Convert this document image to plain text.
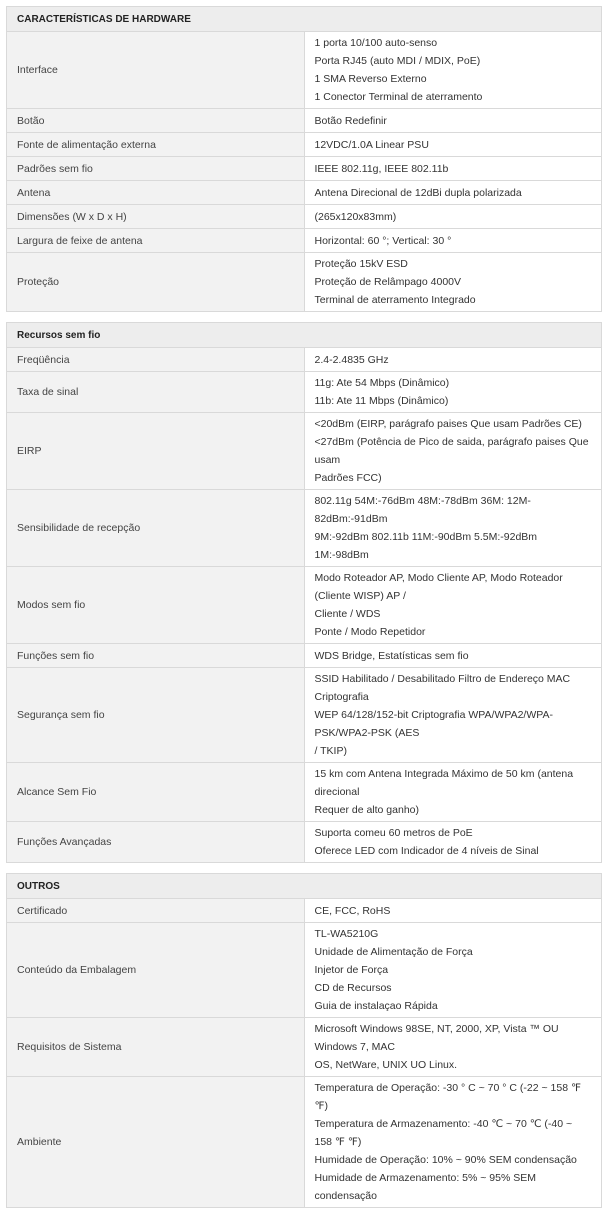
CARACTERÍSTICAS DE HARDWARE	
Interface	1 porta 10/100 auto-senso
Porta RJ45 (auto MDI / MDIX, PoE)
1 SMA Reverso Externo
1 Conector Terminal de aterramento

Botão	Botão Redefinir

Fonte de alimentação externa	12VDC/1.0A Linear PSU

Padrões sem fio	IEEE 802.11g, IEEE 802.11b

Antena	Antena Direcional de 12dBi dupla polarizada

Dimensões (W x D x H)	(265x120x83mm)

Largura de feixe de antena	Horizontal: 60 °; Vertical: 30 °

Proteção	Proteção 15kV ESD
Proteção de Relâmpago 4000V
Terminal de aterramento Integrado
Recursos sem fio	
Freqüência	2.4-2.4835 GHz

Taxa de sinal	11g: Ate 54 Mbps (Dinâmico)
11b: Ate 11 Mbps (Dinâmico)

EIRP	<20dBm (EIRP, parágrafo paises Que usam Padrões CE)
<27dBm (Potência de Pico de saida, parágrafo paises Que usam
Padrões FCC)

Sensibilidade de recepção	802.11g 54M:-76dBm 48M:-78dBm 36M: 12M-82dBm:-91dBm
9M:-92dBm 802.11b 11M:-90dBm 5.5M:-92dBm 1M:-98dBm

Modos sem fio	Modo Roteador AP, Modo Cliente AP, Modo Roteador (Cliente WISP) AP /
Cliente / WDS
Ponte / Modo Repetidor

Funções sem fio	WDS Bridge, Estatísticas sem fio

Segurança sem fio	SSID Habilitado / Desabilitado Filtro de Endereço MAC Criptografia
WEP 64/128/152-bit Criptografia WPA/WPA2/WPA-PSK/WPA2-PSK (AES
/ TKIP)

Alcance Sem Fio	15 km com Antena Integrada Máximo de 50 km (antena direcional
Requer de alto ganho)

Funções Avançadas	Suporta comeu 60 metros de PoE
Oferece LED com Indicador de 4 níveis de Sinal
OUTROS	
Certificado	CE, FCC, RoHS

Conteúdo da Embalagem	TL-WA5210G
Unidade de Alimentação de Força
Injetor de Força
CD de Recursos
Guia de instalaçao Rápida

Requisitos de Sistema	Microsoft Windows 98SE, NT, 2000, XP, Vista ™ OU Windows 7, MAC
OS, NetWare, UNIX UO Linux.

Ambiente	Temperatura de Operação: -30 ° C ~ 70 ° C (-22 ~ 158 ℉ ℉)
Temperatura de Armazenamento: -40 ℃ ~ 70 ℃ (-40 ~ 158 ℉ ℉)
Humidade de Operação: 10% ~ 90% SEM condensação
Humidade de Armazenamento: 5% ~ 95% SEM condensação
